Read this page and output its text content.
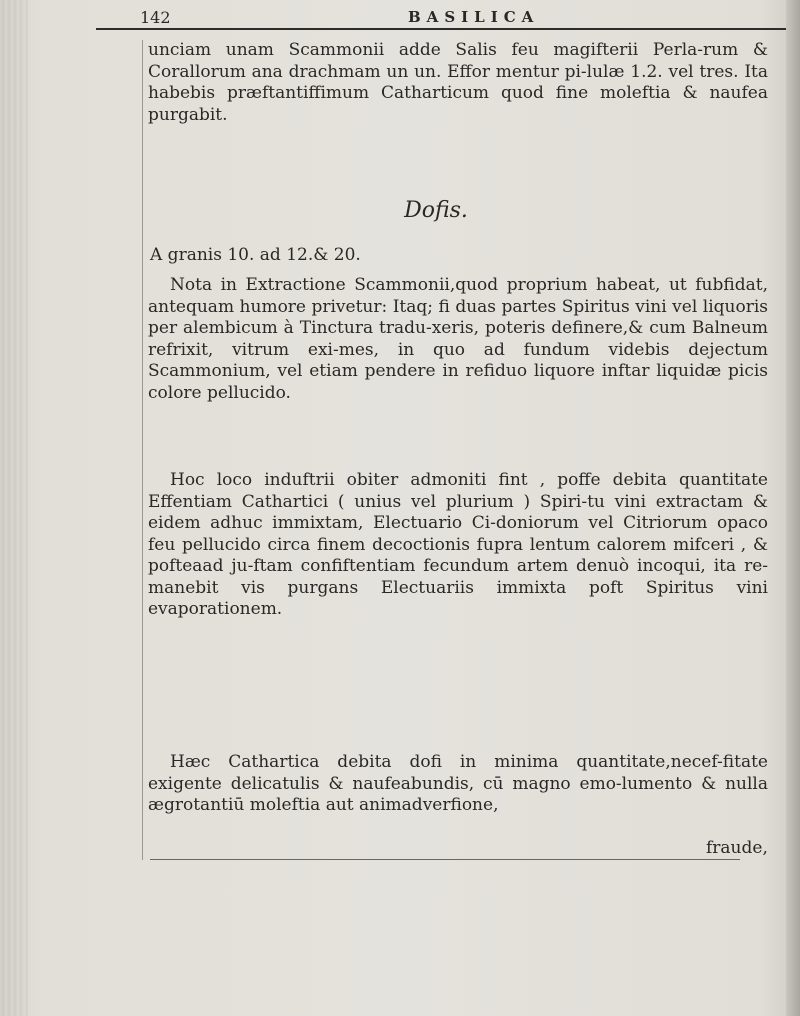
142	BASILICA

unciam unam Scammonii adde Salis feu magifterii Perla-rum & Corallorum ana drachmam un un. Effor mentur pi-lulæ 1.2. vel tres. Ita habebis præftantiffimum Catharticum quod fine moleftia & naufea purgabit.

Dofis.
A granis 10. ad 12.& 20.

Nota in Extractione Scammonii,quod proprium habeat, ut fubfidat, antequam humore privetur: Itaq; fi duas partes Spiritus vini vel liquoris per alembicum à Tinctura tradu-xeris, poteris definere,& cum Balneum refrixit, vitrum exi-mes, in quo ad fundum videbis dejectum Scammonium, vel etiam pendere in refiduo liquore inftar liquidæ picis colore pellucido.

Hoc loco induftrii obiter admoniti fint , poffe debita quantitate Effentiam Cathartici ( unius vel plurium ) Spiri-tu vini extractam & eidem adhuc immixtam, Electuario Ci-doniorum vel Citriorum opaco feu pellucido circa finem decoctionis fupra lentum calorem mifceri , & pofteaad ju-ftam confiftentiam fecundum artem denuò incoqui, ita re-manebit vis purgans Electuariis immixta poft Spiritus vini evaporationem.

Hæc Cathartica debita dofi in minima quantitate,necef-fitate exigente delicatulis & naufeabundis, cū magno emo-lumento & nulla ægrotantiū moleftia aut animadverfione,

fraude,
